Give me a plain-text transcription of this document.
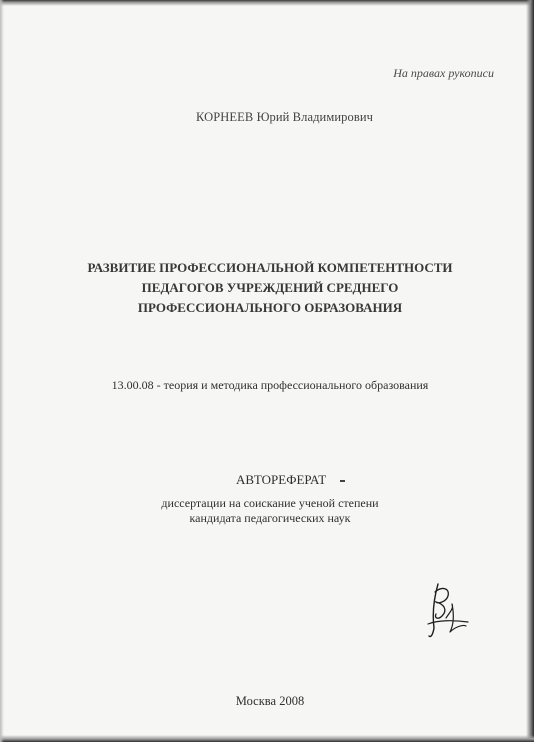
На правах рукописи
КОРНЕЕВ Юрий Владимирович
РАЗВИТИЕ ПРОФЕССИОНАЛЬНОЙ КОМПЕТЕНТНОСТИ
ПЕДАГОГОВ УЧРЕЖДЕНИЙ СРЕДНЕГО
ПРОФЕССИОНАЛЬНОГО ОБРАЗОВАНИЯ
13.00.08 - теория и методика профессионального образования
АВТОРЕФЕРАТ
диссертации на соискание ученой степени
кандидата педагогических наук
Москва 2008
